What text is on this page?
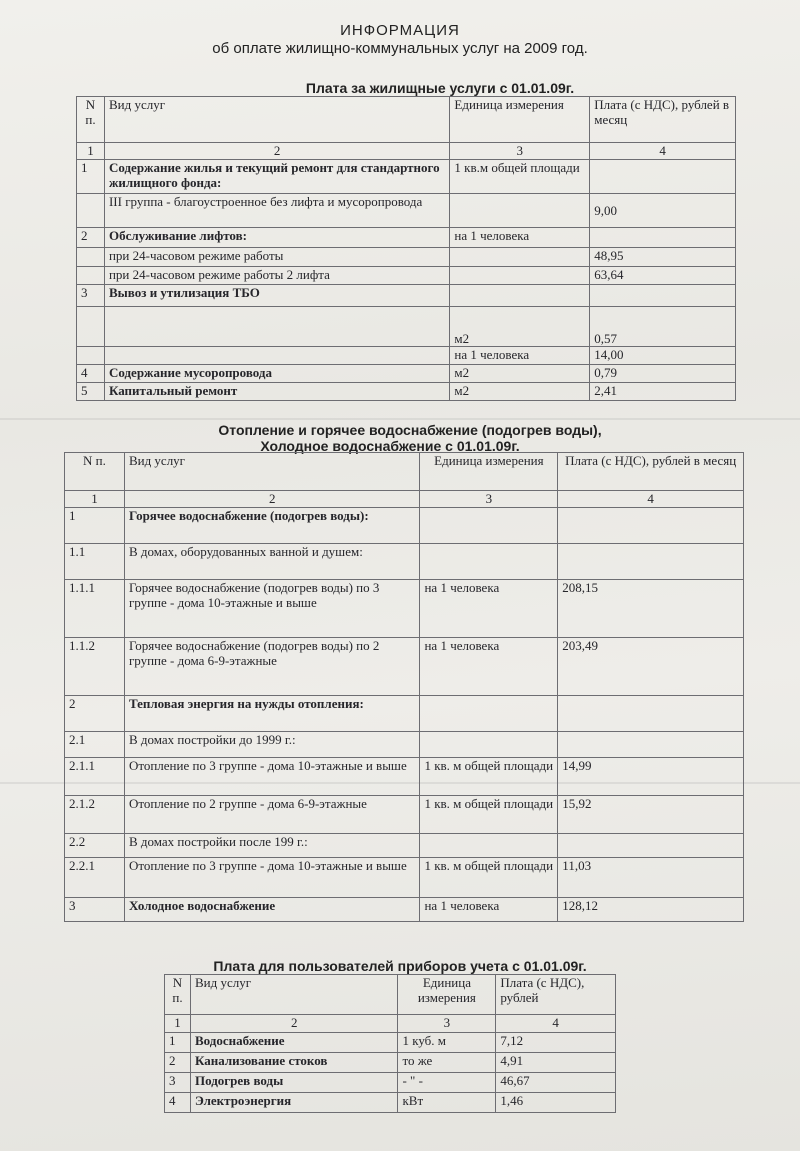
ИНФОРМАЦИЯ
об оплате жилищно-коммунальных услуг на 2009 год.
Плата за жилищные услуги с 01.01.09г.
N п.	Вид услуг	Единица измерения	Плата (с НДС), рублей в месяц
1	2	3	4
1	Содержание жилья и текущий ремонт для стандартного жилищного фонда:	1 кв.м общей площади	
	III группа - благоустроенное без лифта и мусоропровода		9,00
2	Обслуживание лифтов:	на 1 человека	
	при 24-часовом режиме работы		48,95
	при 24-часовом режиме работы 2 лифта		63,64
3	Вывоз и утилизация ТБО		
		м2	0,57
		на 1 человека	14,00
4	Содержание мусоропровода	м2	0,79
5	Капитальный ремонт	м2	2,41
Отопление и горячее водоснабжение (подогрев воды),
Холодное водоснабжение с 01.01.09г.
N п.	Вид услуг	Единица измерения	Плата (с НДС), рублей в месяц
1	2	3	4
1	Горячее водоснабжение (подогрев воды):		
1.1	В домах, оборудованных ванной и душем:		
1.1.1	Горячее водоснабжение (подогрев воды) по 3 группе - дома 10-этажные и выше	на 1 человека	208,15
1.1.2	Горячее водоснабжение (подогрев воды) по 2 группе - дома 6-9-этажные	на 1 человека	203,49
2	Тепловая энергия на нужды отопления:		
2.1	В домах постройки до 1999 г.:		
2.1.1	Отопление по 3 группе - дома 10-этажные и выше	1 кв. м общей площади	14,99
2.1.2	Отопление по 2 группе - дома 6-9-этажные	1 кв. м общей площади	15,92
2.2	В домах постройки после 199 г.:		
2.2.1	Отопление по 3 группе - дома 10-этажные и выше	1 кв. м общей площади	11,03
3	Холодное водоснабжение	на 1 человека	128,12
Плата для пользователей приборов учета с 01.01.09г.
N п.	Вид услуг	Единица измерения	Плата (с НДС), рублей
1	2	3	4
1	Водоснабжение	1 куб. м	7,12
2	Канализование стоков	то же	4,91
3	Подогрев воды	- " -	46,67
4	Электроэнергия	кВт	1,46
